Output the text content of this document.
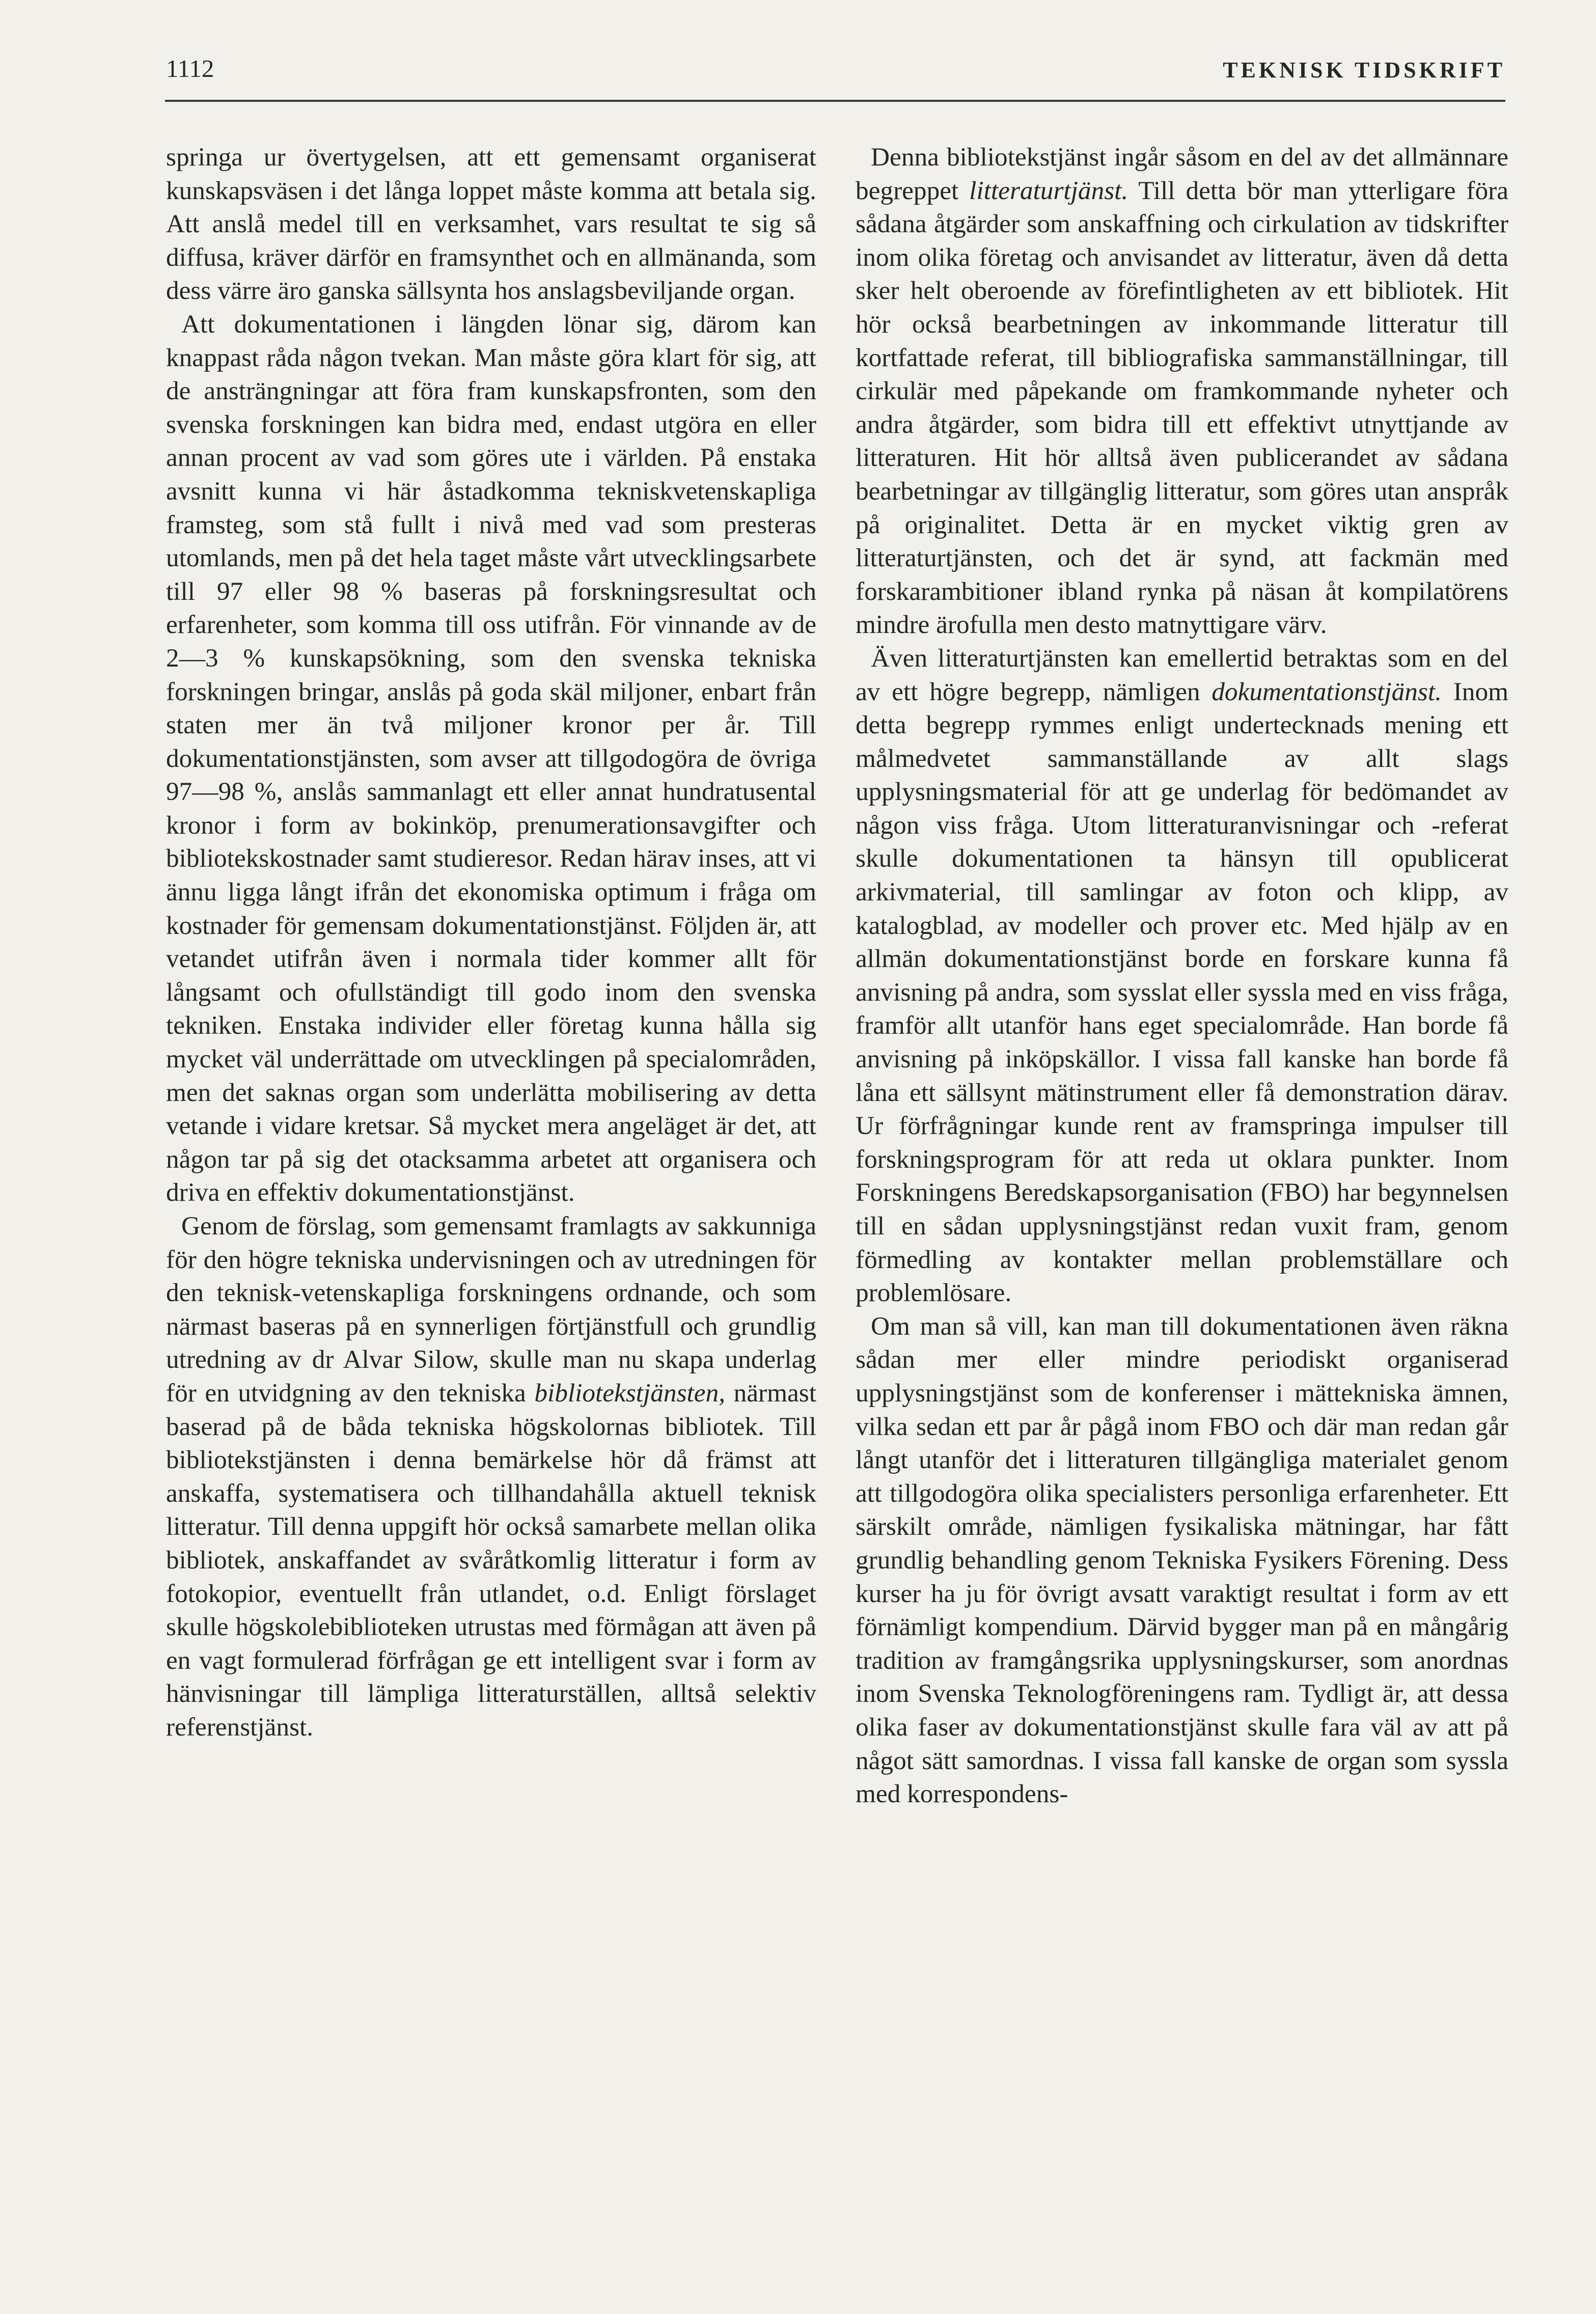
1112	TEKNISK TIDSKRIFT

springa ur övertygelsen, att ett gemensamt organiserat kunskapsväsen i det långa loppet måste komma att betala sig. Att anslå medel till en verksamhet, vars resultat te sig så diffusa, kräver därför en framsynthet och en allmänanda, som dess värre äro ganska sällsynta hos anslagsbeviljande organ.

Att dokumentationen i längden lönar sig, därom kan knappast råda någon tvekan. Man måste göra klart för sig, att de ansträngningar att föra fram kunskapsfronten, som den svenska forskningen kan bidra med, endast utgöra en eller annan procent av vad som göres ute i världen. På enstaka avsnitt kunna vi här åstadkomma tekniskvetenskapliga framsteg, som stå fullt i nivå med vad som presteras utomlands, men på det hela taget måste vårt utvecklingsarbete till 97 eller 98 % baseras på forskningsresultat och erfarenheter, som komma till oss utifrån. För vinnande av de 2—3 % kunskapsökning, som den svenska tekniska forskningen bringar, anslås på goda skäl miljoner, enbart från staten mer än två miljoner kronor per år. Till dokumentationstjänsten, som avser att tillgodogöra de övriga 97—98 %, anslås sammanlagt ett eller annat hundratusental kronor i form av bokinköp, prenumerationsavgifter och bibliotekskostnader samt studieresor. Redan härav inses, att vi ännu ligga långt ifrån det ekonomiska optimum i fråga om kostnader för gemensam dokumentationstjänst. Följden är, att vetandet utifrån även i normala tider kommer allt för långsamt och ofullständigt till godo inom den svenska tekniken. Enstaka individer eller företag kunna hålla sig mycket väl underrättade om utvecklingen på specialområden, men det saknas organ som underlätta mobilisering av detta vetande i vidare kretsar. Så mycket mera angeläget är det, att någon tar på sig det otacksamma arbetet att organisera och driva en effektiv dokumentationstjänst.

Genom de förslag, som gemensamt framlagts av sakkunniga för den högre tekniska undervisningen och av utredningen för den teknisk-vetenskapliga forskningens ordnande, och som närmast baseras på en synnerligen förtjänstfull och grundlig utredning av dr Alvar Silow, skulle man nu skapa underlag för en utvidgning av den tekniska bibliotekstjänsten, närmast baserad på de båda tekniska högskolornas bibliotek. Till bibliotekstjänsten i denna bemärkelse hör då främst att anskaffa, systematisera och tillhandahålla aktuell teknisk litteratur. Till denna uppgift hör också samarbete mellan olika bibliotek, anskaffandet av svåråtkomlig litteratur i form av fotokopior, eventuellt från utlandet, o.d. Enligt förslaget skulle högskolebiblioteken utrustas med förmågan att även på en vagt formulerad förfrågan ge ett intelligent svar i form av hänvisningar till lämpliga litteraturställen, alltså selektiv referenstjänst.

Denna bibliotekstjänst ingår såsom en del av det allmännare begreppet litteraturtjänst. Till detta bör man ytterligare föra sådana åtgärder som anskaffning och cirkulation av tidskrifter inom olika företag och anvisandet av litteratur, även då detta sker helt oberoende av förefintligheten av ett bibliotek. Hit hör också bearbetningen av inkommande litteratur till kortfattade referat, till bibliografiska sammanställningar, till cirkulär med påpekande om framkommande nyheter och andra åtgärder, som bidra till ett effektivt utnyttjande av litteraturen. Hit hör alltså även publicerandet av sådana bearbetningar av tillgänglig litteratur, som göres utan anspråk på originalitet. Detta är en mycket viktig gren av litteraturtjänsten, och det är synd, att fackmän med forskarambitioner ibland rynka på näsan åt kompilatörens mindre ärofulla men desto matnyttigare värv.

Även litteraturtjänsten kan emellertid betraktas som en del av ett högre begrepp, nämligen dokumentationstjänst. Inom detta begrepp rymmes enligt undertecknads mening ett målmedvetet sammanställande av allt slags upplysningsmaterial för att ge underlag för bedömandet av någon viss fråga. Utom litteraturanvisningar och -referat skulle dokumentationen ta hänsyn till opublicerat arkivmaterial, till samlingar av foton och klipp, av katalogblad, av modeller och prover etc. Med hjälp av en allmän dokumentationstjänst borde en forskare kunna få anvisning på andra, som sysslat eller syssla med en viss fråga, framför allt utanför hans eget specialområde. Han borde få anvisning på inköpskällor. I vissa fall kanske han borde få låna ett sällsynt mätinstrument eller få demonstration därav. Ur förfrågningar kunde rent av framspringa impulser till forskningsprogram för att reda ut oklara punkter. Inom Forskningens Beredskapsorganisation (FBO) har begynnelsen till en sådan upplysningstjänst redan vuxit fram, genom förmedling av kontakter mellan problemställare och problemlösare.

Om man så vill, kan man till dokumentationen även räkna sådan mer eller mindre periodiskt organiserad upplysningstjänst som de konferenser i mättekniska ämnen, vilka sedan ett par år pågå inom FBO och där man redan går långt utanför det i litteraturen tillgängliga materialet genom att tillgodogöra olika specialisters personliga erfarenheter. Ett särskilt område, nämligen fysikaliska mätningar, har fått grundlig behandling genom Tekniska Fysikers Förening. Dess kurser ha ju för övrigt avsatt varaktigt resultat i form av ett förnämligt kompendium. Därvid bygger man på en mångårig tradition av framgångsrika upplysningskurser, som anordnas inom Svenska Teknologföreningens ram. Tydligt är, att dessa olika faser av dokumentationstjänst skulle fara väl av att på något sätt samordnas. I vissa fall kanske de organ som syssla med korrespondens-
